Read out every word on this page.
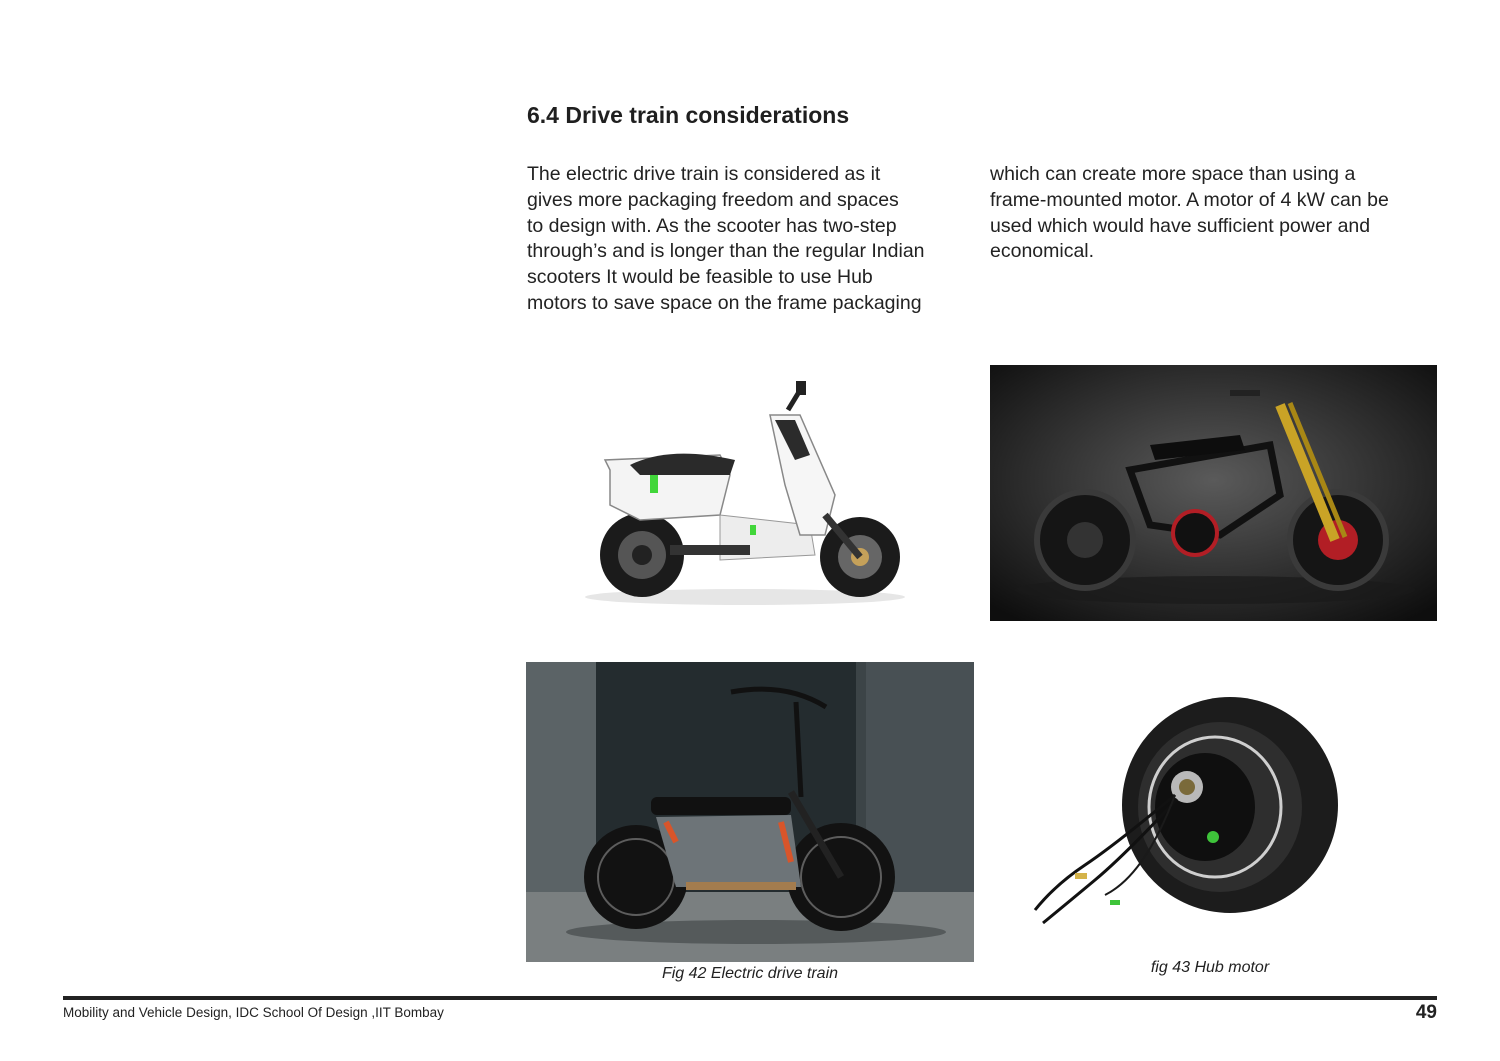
6.4 Drive train considerations
The electric drive train is considered as it
gives more packaging freedom and spaces
to design with. As the scooter has two-step
through’s and is longer than the regular Indian
scooters It would be feasible to use Hub
motors to save space on the frame packaging
which can create more space than using a
frame-mounted motor. A motor of 4 kW can be
used which would have sufficient power and
economical.
Fig 42 Electric drive train	fig 43 Hub motor
Mobility and Vehicle Design, IDC School Of Design ,IIT Bombay	49
